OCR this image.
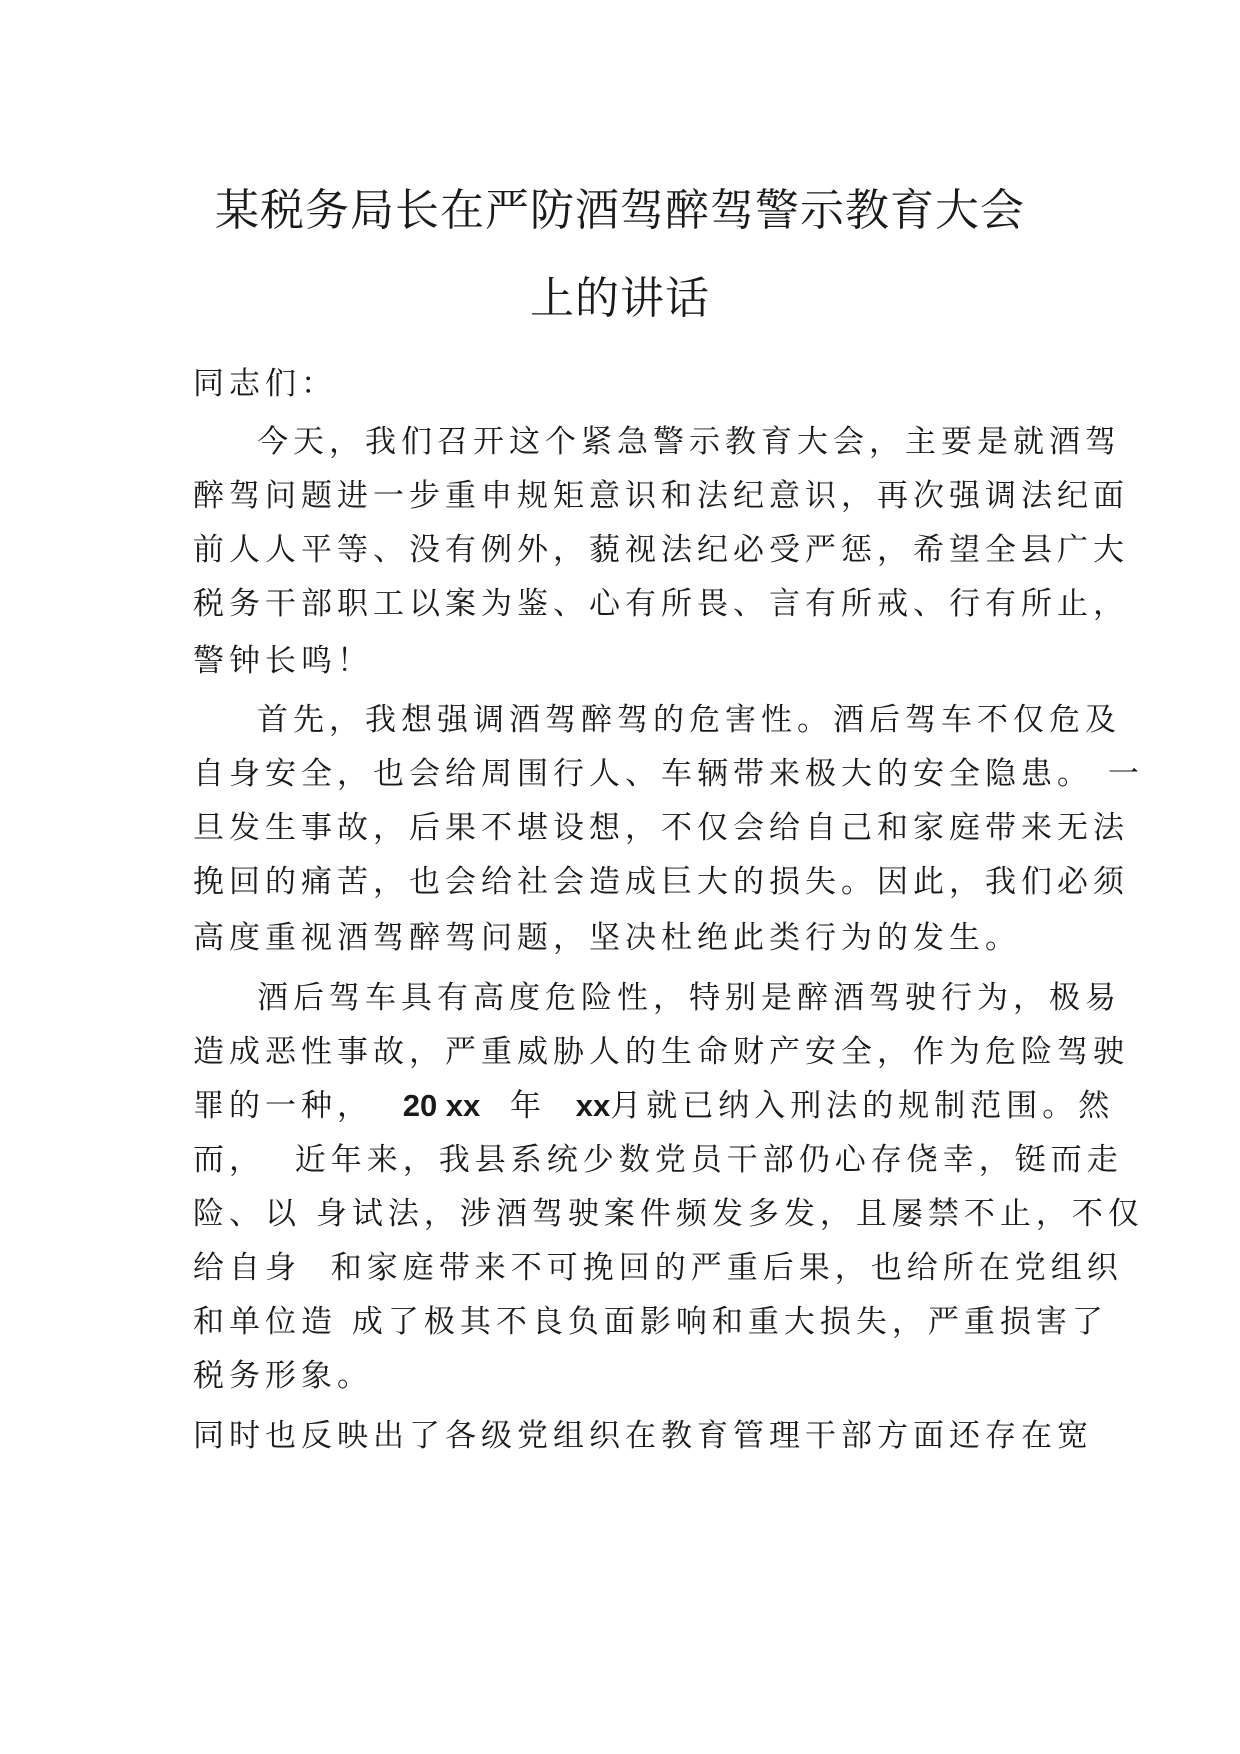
某税务局长在严防酒驾醉驾警示教育大会
上的讲话

同志们：

今天，我们召开这个紧急警示教育大会，主要是就酒驾

醉驾问题进一步重申规矩意识和法纪意识，再次强调法纪面

前人人平等、没有例外，藐视法纪必受严惩，希望全县广大

税务干部职工以案为鉴、心有所畏、言有所戒、行有所止，

警钟长鸣！

首先，我想强调酒驾醉驾的危害性。酒后驾车不仅危及

自身安全，也会给周围行人、车辆带来极大的安全隐患。 一

旦发生事故，后果不堪设想，不仅会给自己和家庭带来无法

挽回的痛苦，也会给社会造成巨大的损失。因此，我们必须

高度重视酒驾醉驾问题，坚决杜绝此类行为的发生。

酒后驾车具有高度危险性，特别是醉酒驾驶行为，极易

造成恶性事故，严重威胁人的生命财产安全，作为危险驾驶

罪的一种， 20 xx 年 xx月就已纳入刑法的规制范围。然

而，  近年来，我县系统少数党员干部仍心存侥幸，铤而走

险、以 身试法，涉酒驾驶案件频发多发，且屡禁不止，不仅

给自身  和家庭带来不可挽回的严重后果，也给所在党组织

和单位造 成了极其不良负面影响和重大损失，严重损害了

税务形象。

同时也反映出了各级党组织在教育管理干部方面还存在宽
